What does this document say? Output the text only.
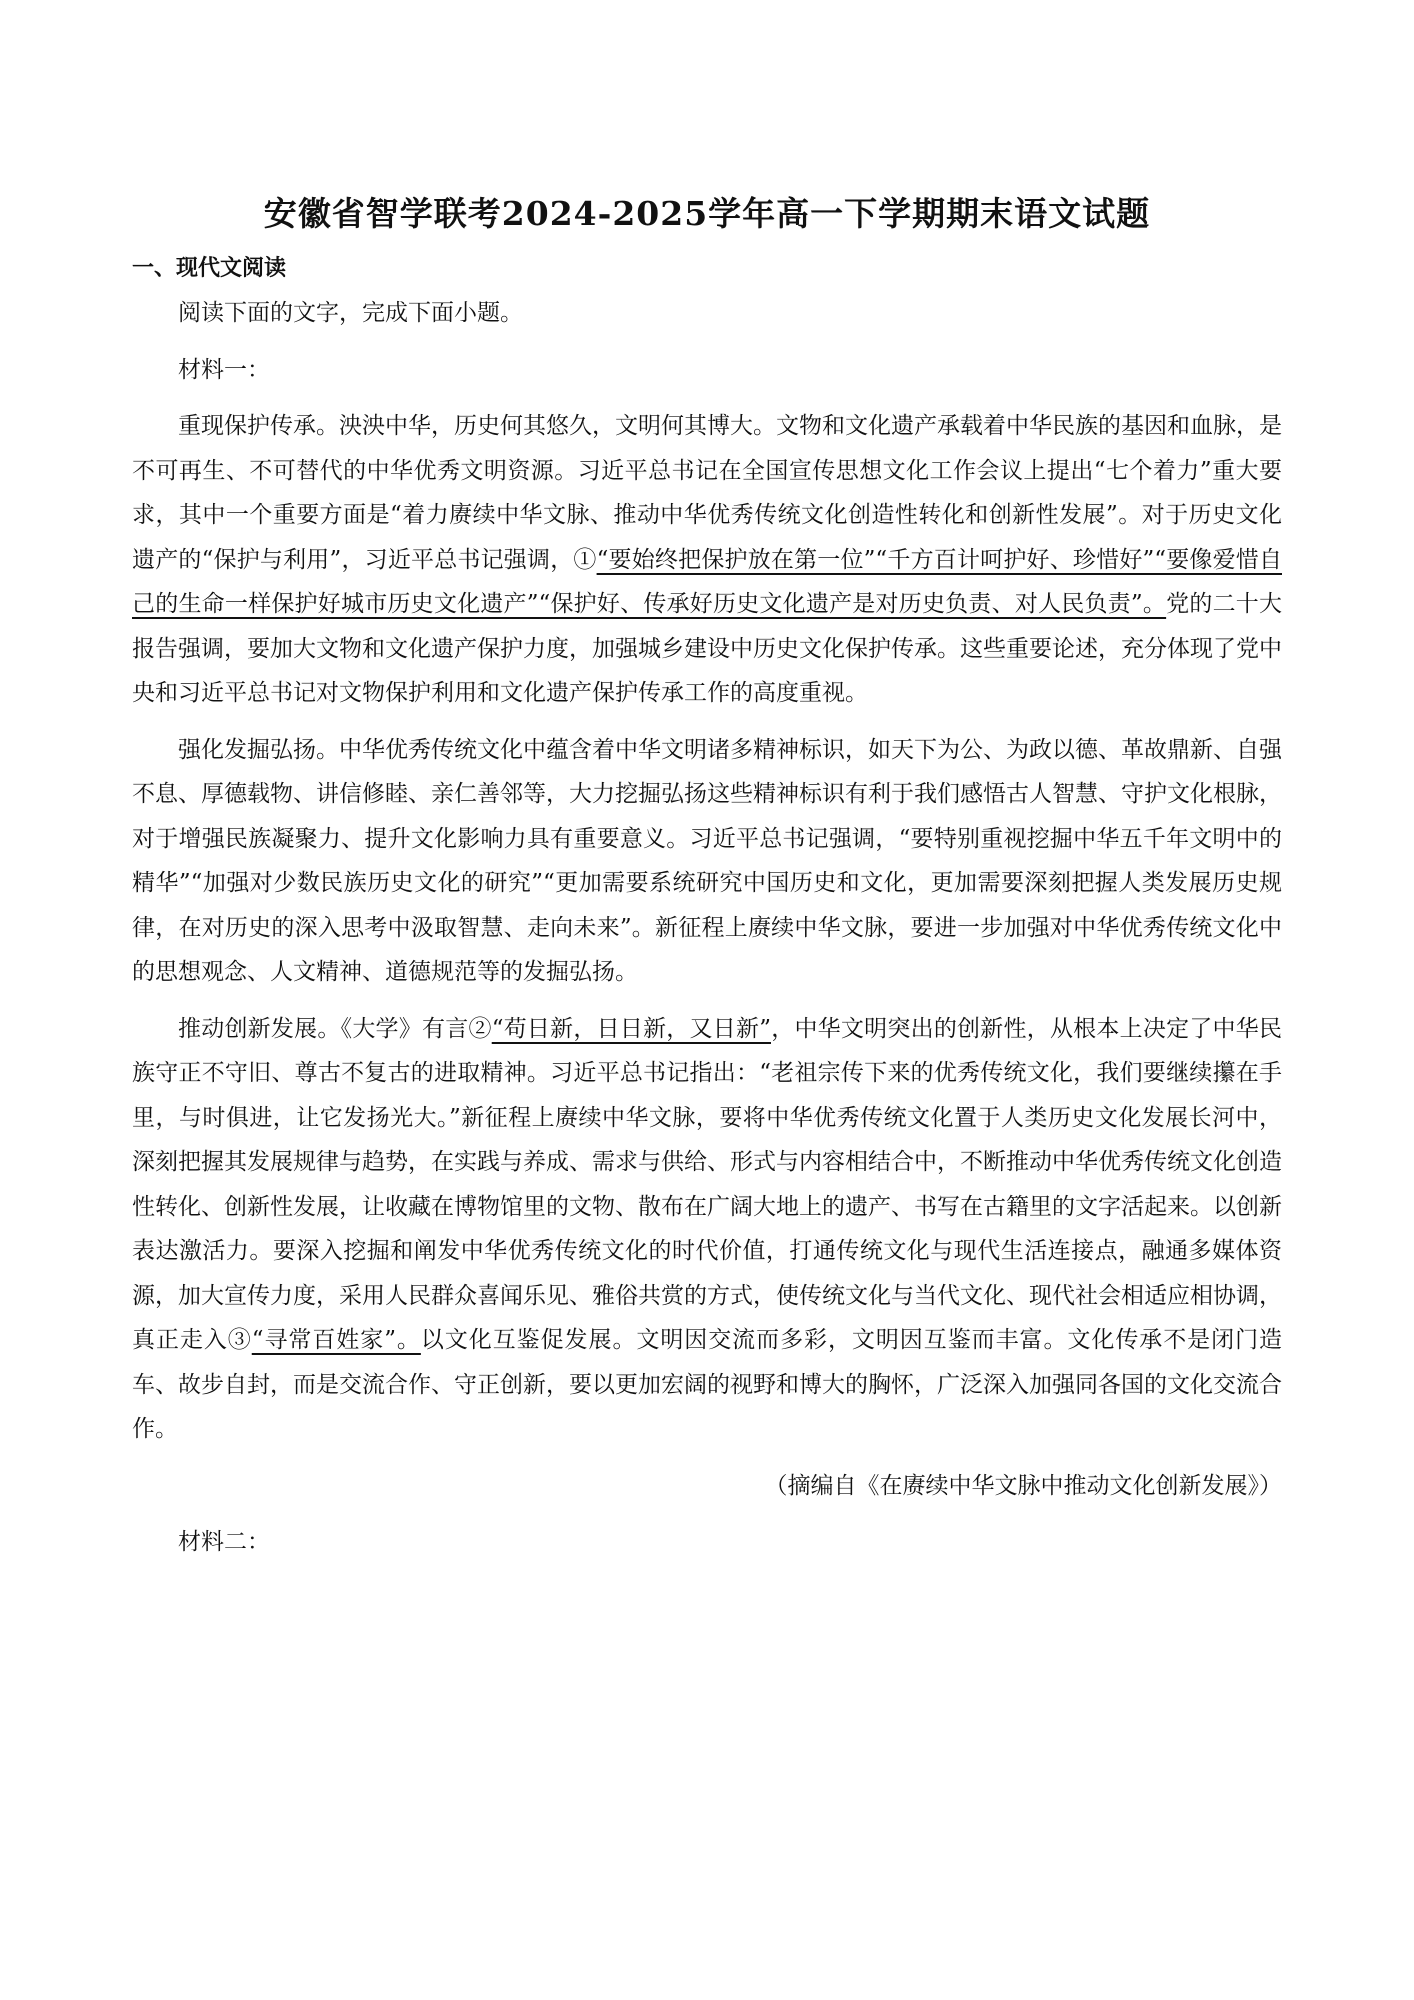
安徽省智学联考2024-2025学年高一下学期期末语文试题
一、现代文阅读

阅读下面的文字，完成下面小题。

材料一：

重现保护传承。泱泱中华，历史何其悠久，文明何其博大。文物和文化遗产承载着中华民族的基因和血脉，是不可再生、不可替代的中华优秀文明资源。习近平总书记在全国宣传思想文化工作会议上提出“七个着力”重大要求，其中一个重要方面是“着力赓续中华文脉、推动中华优秀传统文化创造性转化和创新性发展”。对于历史文化遗产的“保护与利用”，习近平总书记强调，①“要始终把保护放在第一位”“千方百计呵护好、珍惜好”“要像爱惜自己的生命一样保护好城市历史文化遗产”“保护好、传承好历史文化遗产是对历史负责、对人民负责”。党的二十大报告强调，要加大文物和文化遗产保护力度，加强城乡建设中历史文化保护传承。这些重要论述，充分体现了党中央和习近平总书记对文物保护利用和文化遗产保护传承工作的高度重视。

强化发掘弘扬。中华优秀传统文化中蕴含着中华文明诸多精神标识，如天下为公、为政以德、革故鼎新、自强不息、厚德载物、讲信修睦、亲仁善邻等，大力挖掘弘扬这些精神标识有利于我们感悟古人智慧、守护文化根脉，对于增强民族凝聚力、提升文化影响力具有重要意义。习近平总书记强调，“要特别重视挖掘中华五千年文明中的精华”“加强对少数民族历史文化的研究”“更加需要系统研究中国历史和文化，更加需要深刻把握人类发展历史规律，在对历史的深入思考中汲取智慧、走向未来”。新征程上赓续中华文脉，要进一步加强对中华优秀传统文化中的思想观念、人文精神、道德规范等的发掘弘扬。

推动创新发展。《大学》有言②“苟日新，日日新，又日新”，中华文明突出的创新性，从根本上决定了中华民族守正不守旧、尊古不复古的进取精神。习近平总书记指出：“老祖宗传下来的优秀传统文化，我们要继续攥在手里，与时俱进，让它发扬光大。”新征程上赓续中华文脉，要将中华优秀传统文化置于人类历史文化发展长河中，深刻把握其发展规律与趋势，在实践与养成、需求与供给、形式与内容相结合中，不断推动中华优秀传统文化创造性转化、创新性发展，让收藏在博物馆里的文物、散布在广阔大地上的遗产、书写在古籍里的文字活起来。以创新表达激活力。要深入挖掘和阐发中华优秀传统文化的时代价值，打通传统文化与现代生活连接点，融通多媒体资源，加大宣传力度，采用人民群众喜闻乐见、雅俗共赏的方式，使传统文化与当代文化、现代社会相适应相协调，真正走入③“寻常百姓家”。以文化互鉴促发展。文明因交流而多彩，文明因互鉴而丰富。文化传承不是闭门造车、故步自封，而是交流合作、守正创新，要以更加宏阔的视野和博大的胸怀，广泛深入加强同各国的文化交流合作。

（摘编自《在赓续中华文脉中推动文化创新发展》）

材料二：
